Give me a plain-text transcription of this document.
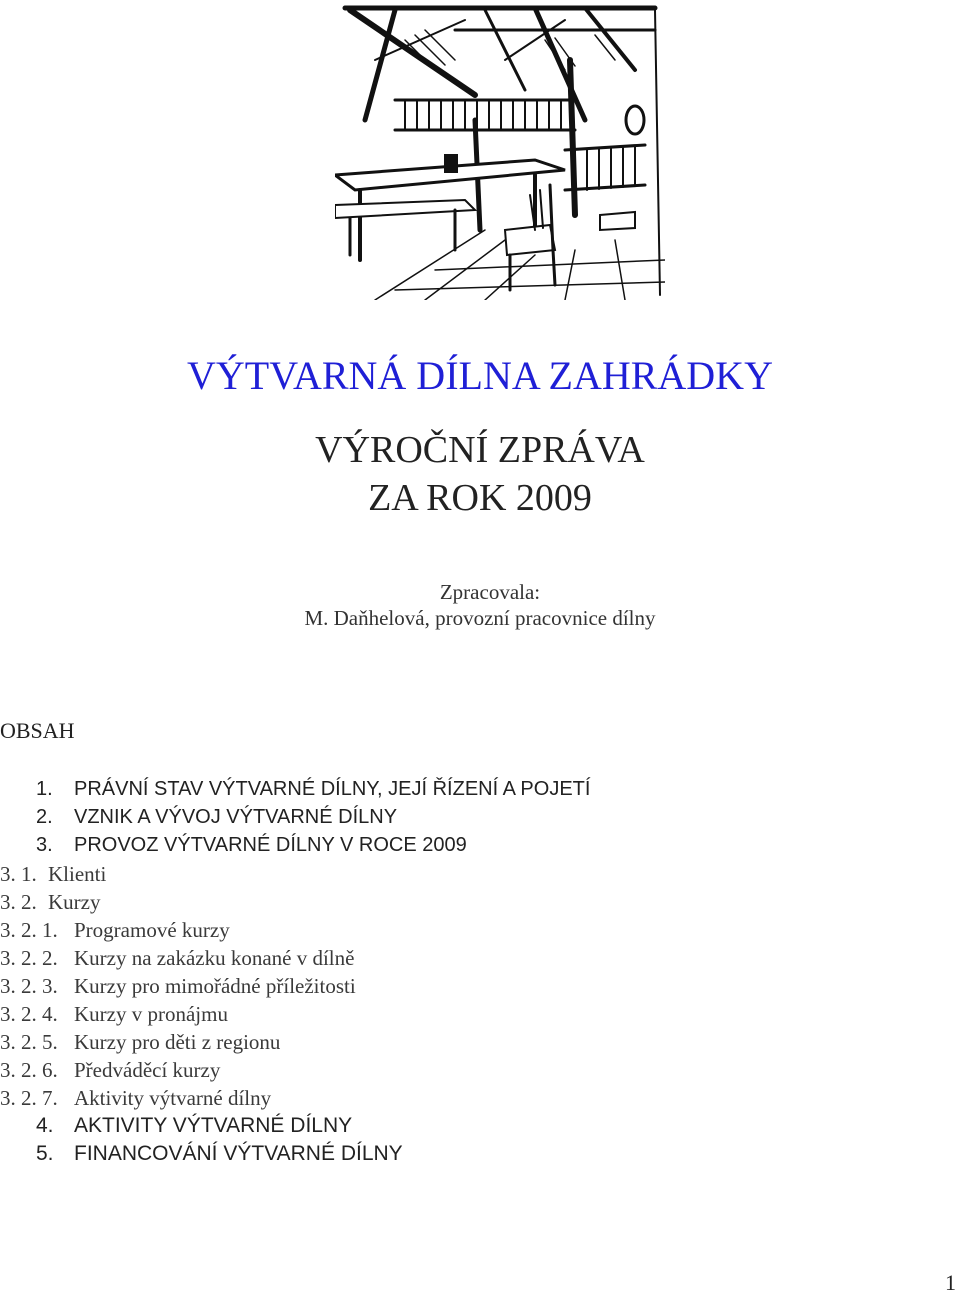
VÝTVARNÁ DÍLNA ZAHRÁDKY
VÝROČNÍ ZPRÁVA
ZA ROK 2009
Zpracovala:
M. Daňhelová, provozní pracovnice dílny
OBSAH
1. PRÁVNÍ STAV VÝTVARNÉ DÍLNY, JEJÍ ŘÍZENÍ A POJETÍ
2. VZNIK A VÝVOJ VÝTVARNÉ DÍLNY
3. PROVOZ VÝTVARNÉ DÍLNY V ROCE 2009
3. 1. Klienti
3. 2. Kurzy
3. 2. 1. Programové kurzy
3. 2. 2. Kurzy na zakázku konané v dílně
3. 2. 3. Kurzy pro mimořádné příležitosti
3. 2. 4. Kurzy v pronájmu
3. 2. 5. Kurzy pro děti z regionu
3. 2. 6. Předváděcí kurzy
3. 2. 7. Aktivity výtvarné dílny
4. AKTIVITY VÝTVARNÉ DÍLNY
5. FINANCOVÁNÍ VÝTVARNÉ DÍLNY
1
